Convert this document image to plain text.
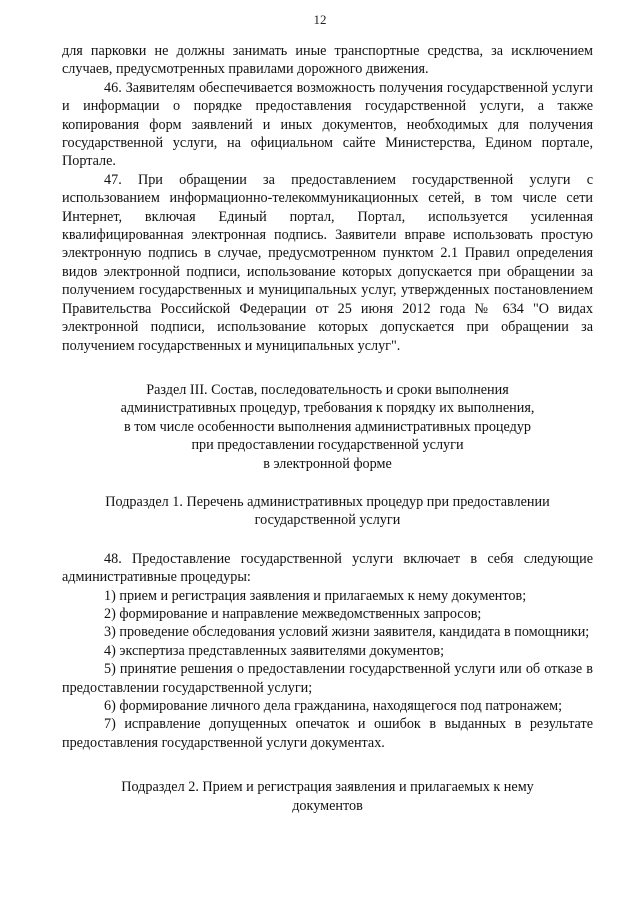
12

для парковки не должны занимать иные транспортные средства, за исключением случаев, предусмотренных правилами дорожного движения.

46. Заявителям обеспечивается возможность получения государственной услуги и информации о порядке предоставления государственной услуги, а также копирования форм заявлений и иных документов, необходимых для получения государственной услуги, на официальном сайте Министерства, Едином портале, Портале.

47. При обращении за предоставлением государственной услуги с использованием информационно-телекоммуникационных сетей, в том числе сети Интернет, включая Единый портал, Портал, используется усиленная квалифицированная электронная подпись. Заявители вправе использовать простую электронную подпись в случае, предусмотренном пунктом 2.1 Правил определения видов электронной подписи, использование которых допускается при обращении за получением государственных и муниципальных услуг, утвержденных постановлением Правительства Российской Федерации от 25 июня 2012 года № 634 "О видах электронной подписи, использование которых допускается при обращении за получением государственных и муниципальных услуг".

Раздел III. Состав, последовательность и сроки выполнения

административных процедур, требования к порядку их выполнения,

в том числе особенности выполнения административных процедур

при предоставлении государственной услуги

в электронной форме

Подраздел 1. Перечень административных процедур при предоставлении

государственной услуги

48. Предоставление государственной услуги включает в себя следующие административные процедуры:

1) прием и регистрация заявления и прилагаемых к нему документов;

2) формирование и направление межведомственных запросов;

3) проведение обследования условий жизни заявителя, кандидата в помощники;

4) экспертиза представленных заявителями документов;

5) принятие решения о предоставлении государственной услуги или об отказе в предоставлении государственной услуги;

6) формирование личного дела гражданина, находящегося под патронажем;

7) исправление допущенных опечаток и ошибок в выданных в результате предоставления государственной услуги документах.

Подраздел 2. Прием и регистрация заявления и прилагаемых к нему

документов
